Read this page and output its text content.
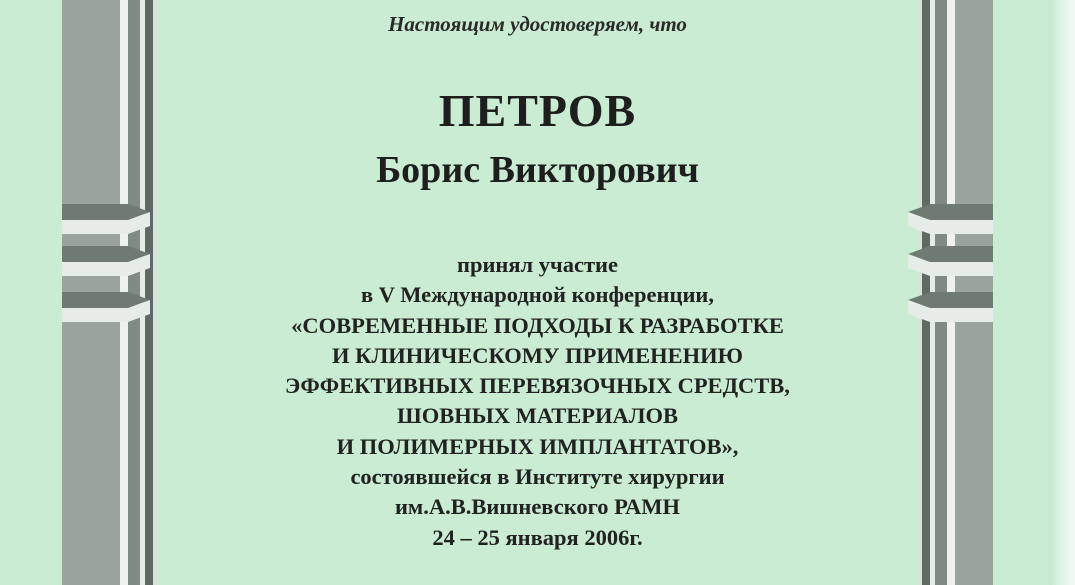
Настоящим удостоверяем, что
ПЕТРОВ
Борис Викторович
принял участие
в V Международной конференции,
«СОВРЕМЕННЫЕ ПОДХОДЫ К РАЗРАБОТКЕ
И КЛИНИЧЕСКОМУ ПРИМЕНЕНИЮ
ЭФФЕКТИВНЫХ ПЕРЕВЯЗОЧНЫХ СРЕДСТВ,
ШОВНЫХ МАТЕРИАЛОВ
И ПОЛИМЕРНЫХ ИМПЛАНТАТОВ»,
состоявшейся в Институте хирургии
им.А.В.Вишневского РАМН
24 – 25 января 2006г.
